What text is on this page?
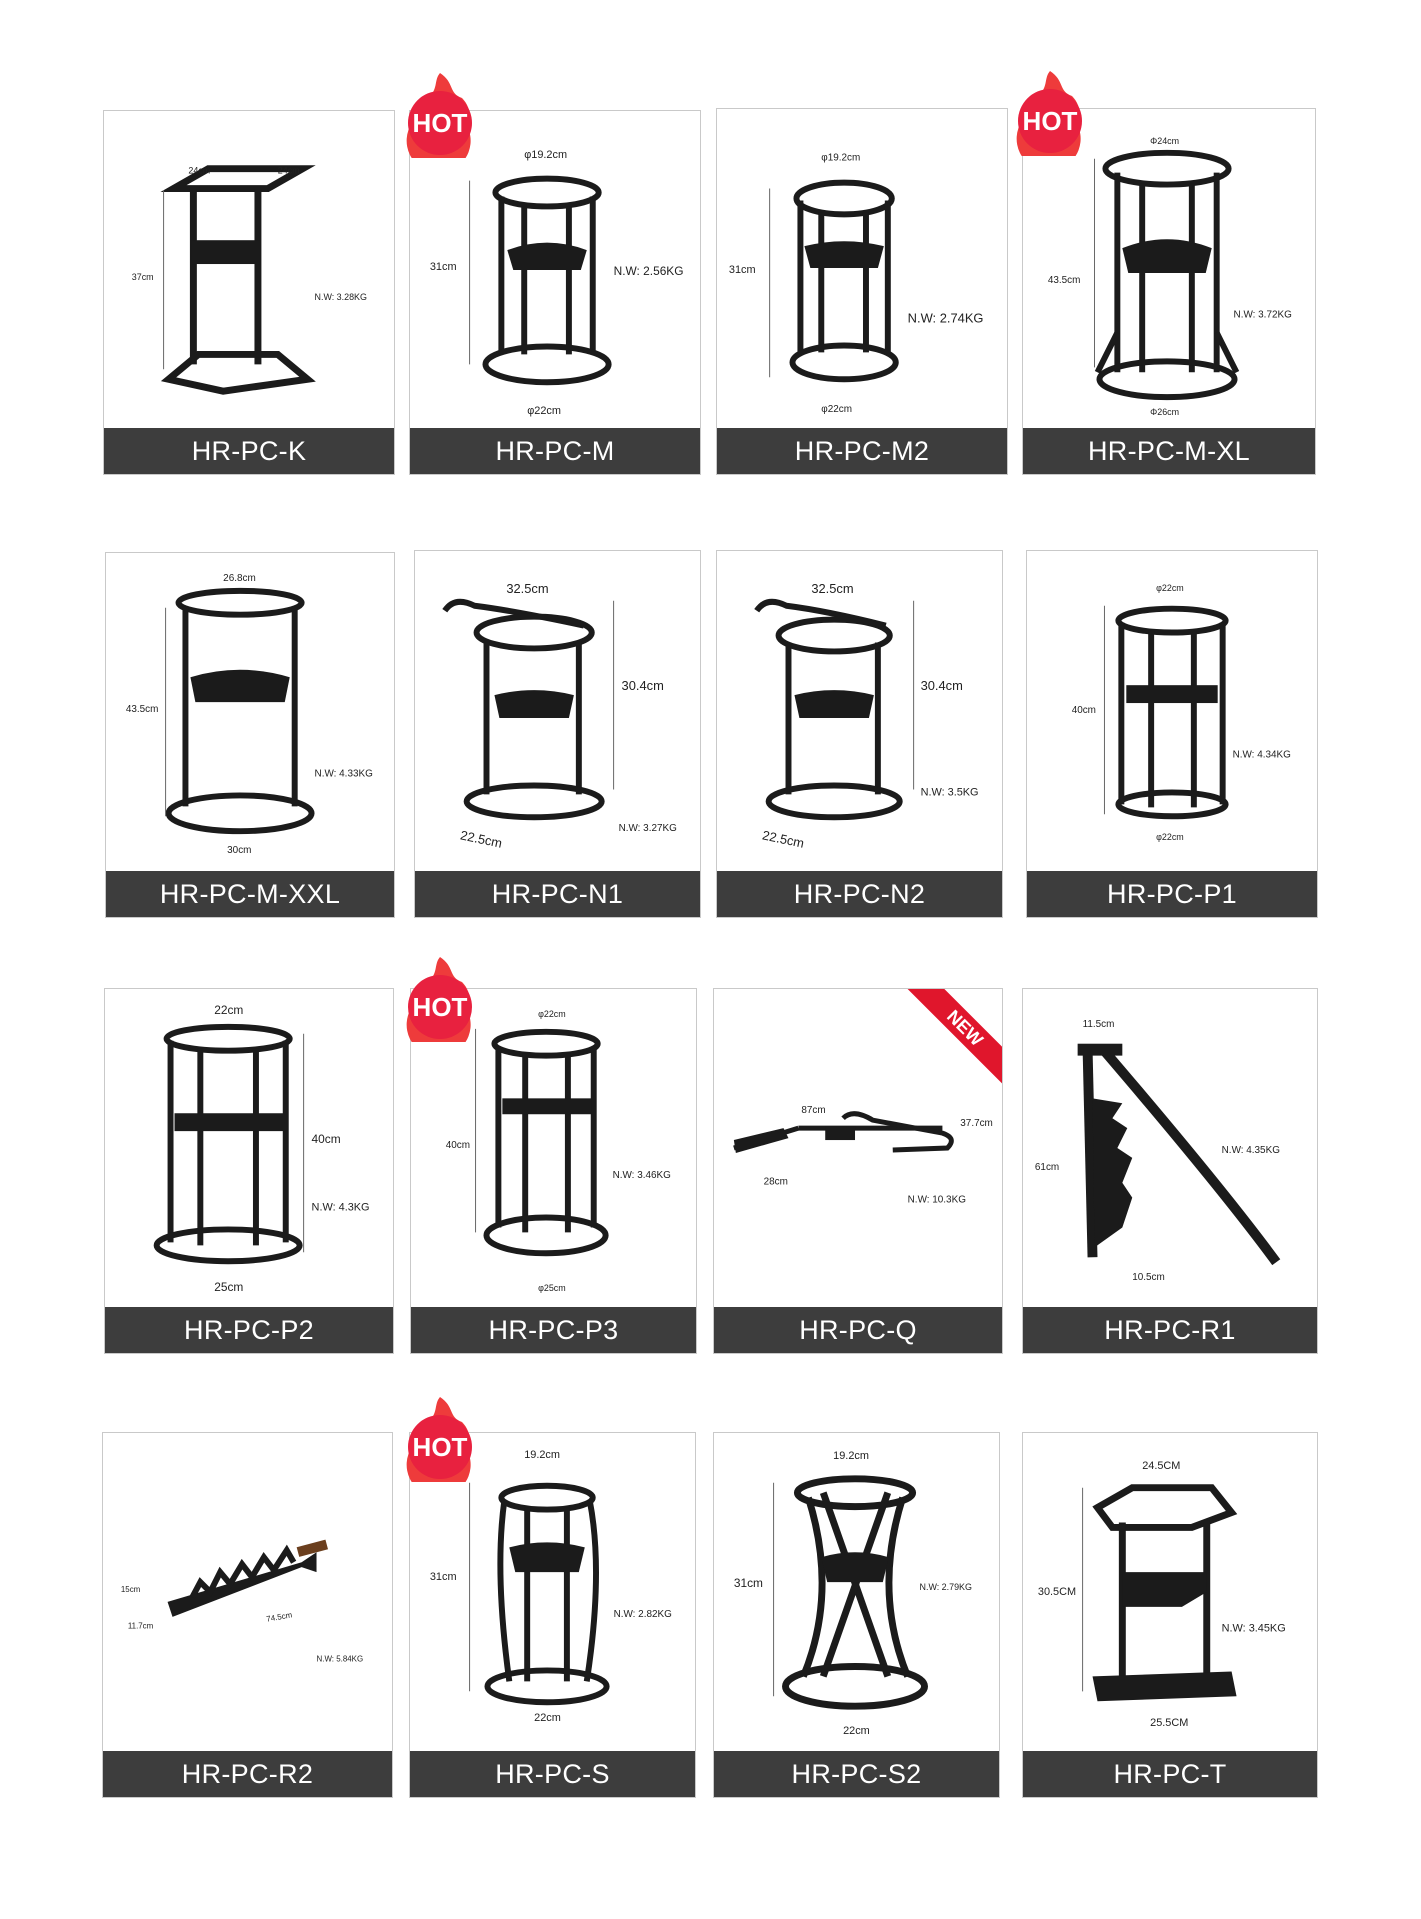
24cm	24cm
37cm
N.W: 3.28KG
HR-PC-K
φ19.2cm
31cm	N.W: 2.56KG
φ22cm
HR-PC-M
φ19.2cm
31cm
N.W: 2.74KG
φ22cm
HR-PC-M2
Φ24cm
43.5cm
N.W: 3.72KG
Φ26cm
HR-PC-M-XL
26.8cm
43.5cm
N.W: 4.33KG
30cm
HR-PC-M-XXL
32.5cm
30.4cm
22.5cm	N.W: 3.27KG
HR-PC-N1
32.5cm
30.4cm
N.W: 3.5KG
22.5cm
HR-PC-N2
φ22cm
40cm
N.W: 4.34KG
φ22cm
HR-PC-P1
22cm
40cm
N.W: 4.3KG
25cm
HR-PC-P2
φ22cm
40cm
N.W: 3.46KG
φ25cm
HR-PC-P3
87cm
37.7cm
28cm
N.W: 10.3KG
HR-PC-Q
NEW	11.5cm
61cm
N.W: 4.35KG
10.5cm
HR-PC-R1
15cm
11.7cm
74.5cm
N.W: 5.84KG
HR-PC-R2
19.2cm
31cm
N.W: 2.82KG
22cm
HR-PC-S
19.2cm
31cm	N.W: 2.79KG
22cm
HR-PC-S2
24.5CM
30.5CM
N.W: 3.45KG
25.5CM
HR-PC-T
HOT	HOT
HOT
HOT
